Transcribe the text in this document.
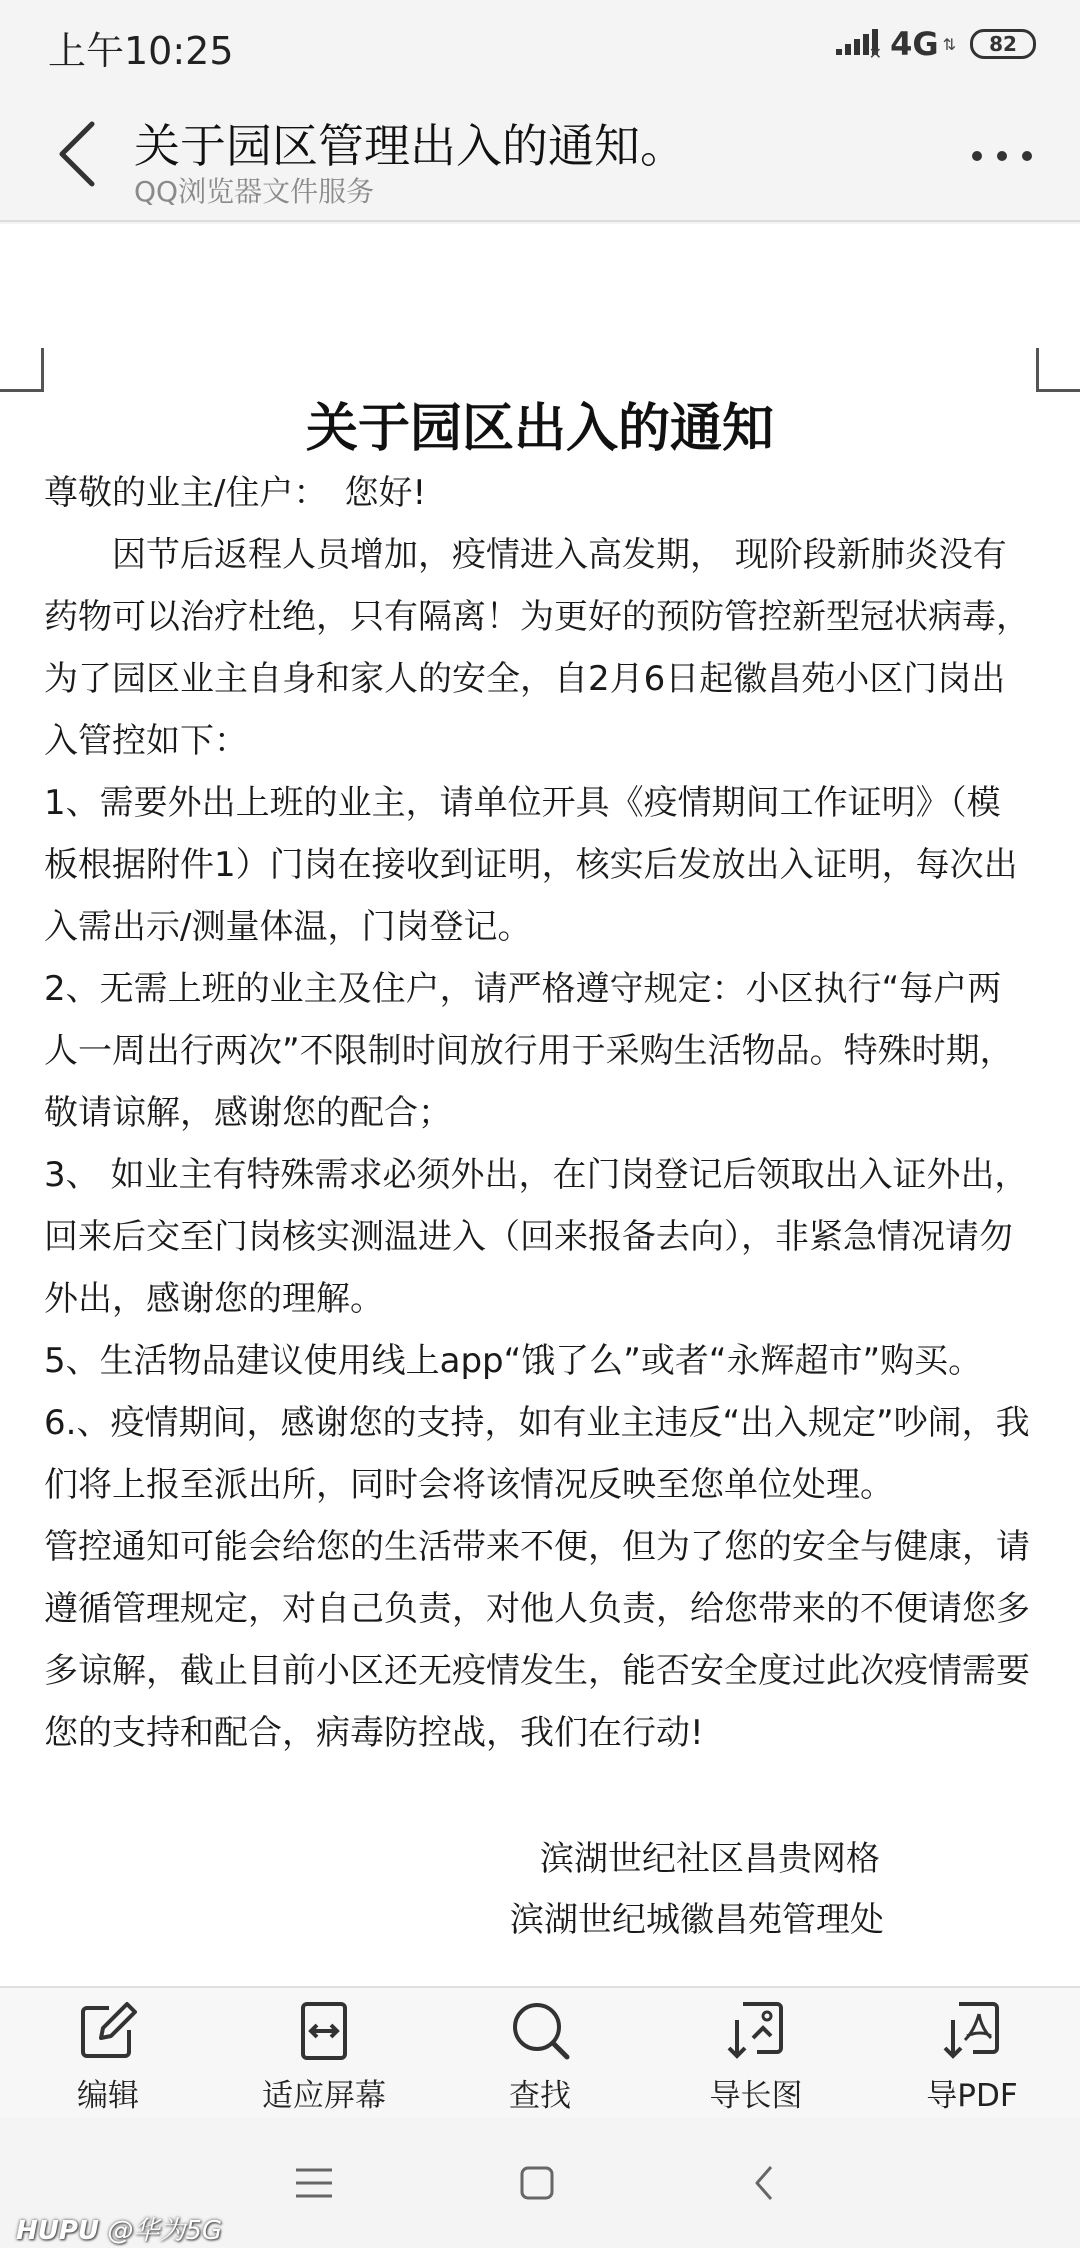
上午10:25	✕ 4G ⇅ 82
关于园区管理出入的通知。
QQ浏览器文件服务
关于园区出入的通知

尊敬的业主/住户：　您好!

因节后返程人员增加，疫情进入高发期， 现阶段新肺炎没有药物可以治疗杜绝，只有隔离！为更好的预防管控新型冠状病毒，为了园区业主自身和家人的安全，自2月6日起徽昌苑小区门岗出入管控如下：

1、需要外出上班的业主，请单位开具《疫情期间工作证明》（模板根据附件1）门岗在接收到证明，核实后发放出入证明，每次出入需出示/测量体温，门岗登记。

2、无需上班的业主及住户，请严格遵守规定：小区执行“每户两人一周出行两次”不限制时间放行用于采购生活物品。特殊时期，敬请谅解，感谢您的配合；

3、 如业主有特殊需求必须外出，在门岗登记后领取出入证外出，回来后交至门岗核实测温进入（回来报备去向），非紧急情况请勿外出，感谢您的理解。

5、生活物品建议使用线上app“饿了么”或者“永辉超市”购买。

6.、疫情期间，感谢您的支持，如有业主违反“出入规定”吵闹，我们将上报至派出所，同时会将该情况反映至您单位处理。

管控通知可能会给您的生活带来不便，但为了您的安全与健康，请遵循管理规定，对自己负责，对他人负责，给您带来的不便请您多多谅解，截止目前小区还无疫情发生，能否安全度过此次疫情需要您的支持和配合，病毒防控战，我们在行动!

滨湖世纪社区昌贵网格
滨湖世纪城徽昌苑管理处
编辑	适应屏幕	查找	导长图	导PDF
HUPU @华为5G
